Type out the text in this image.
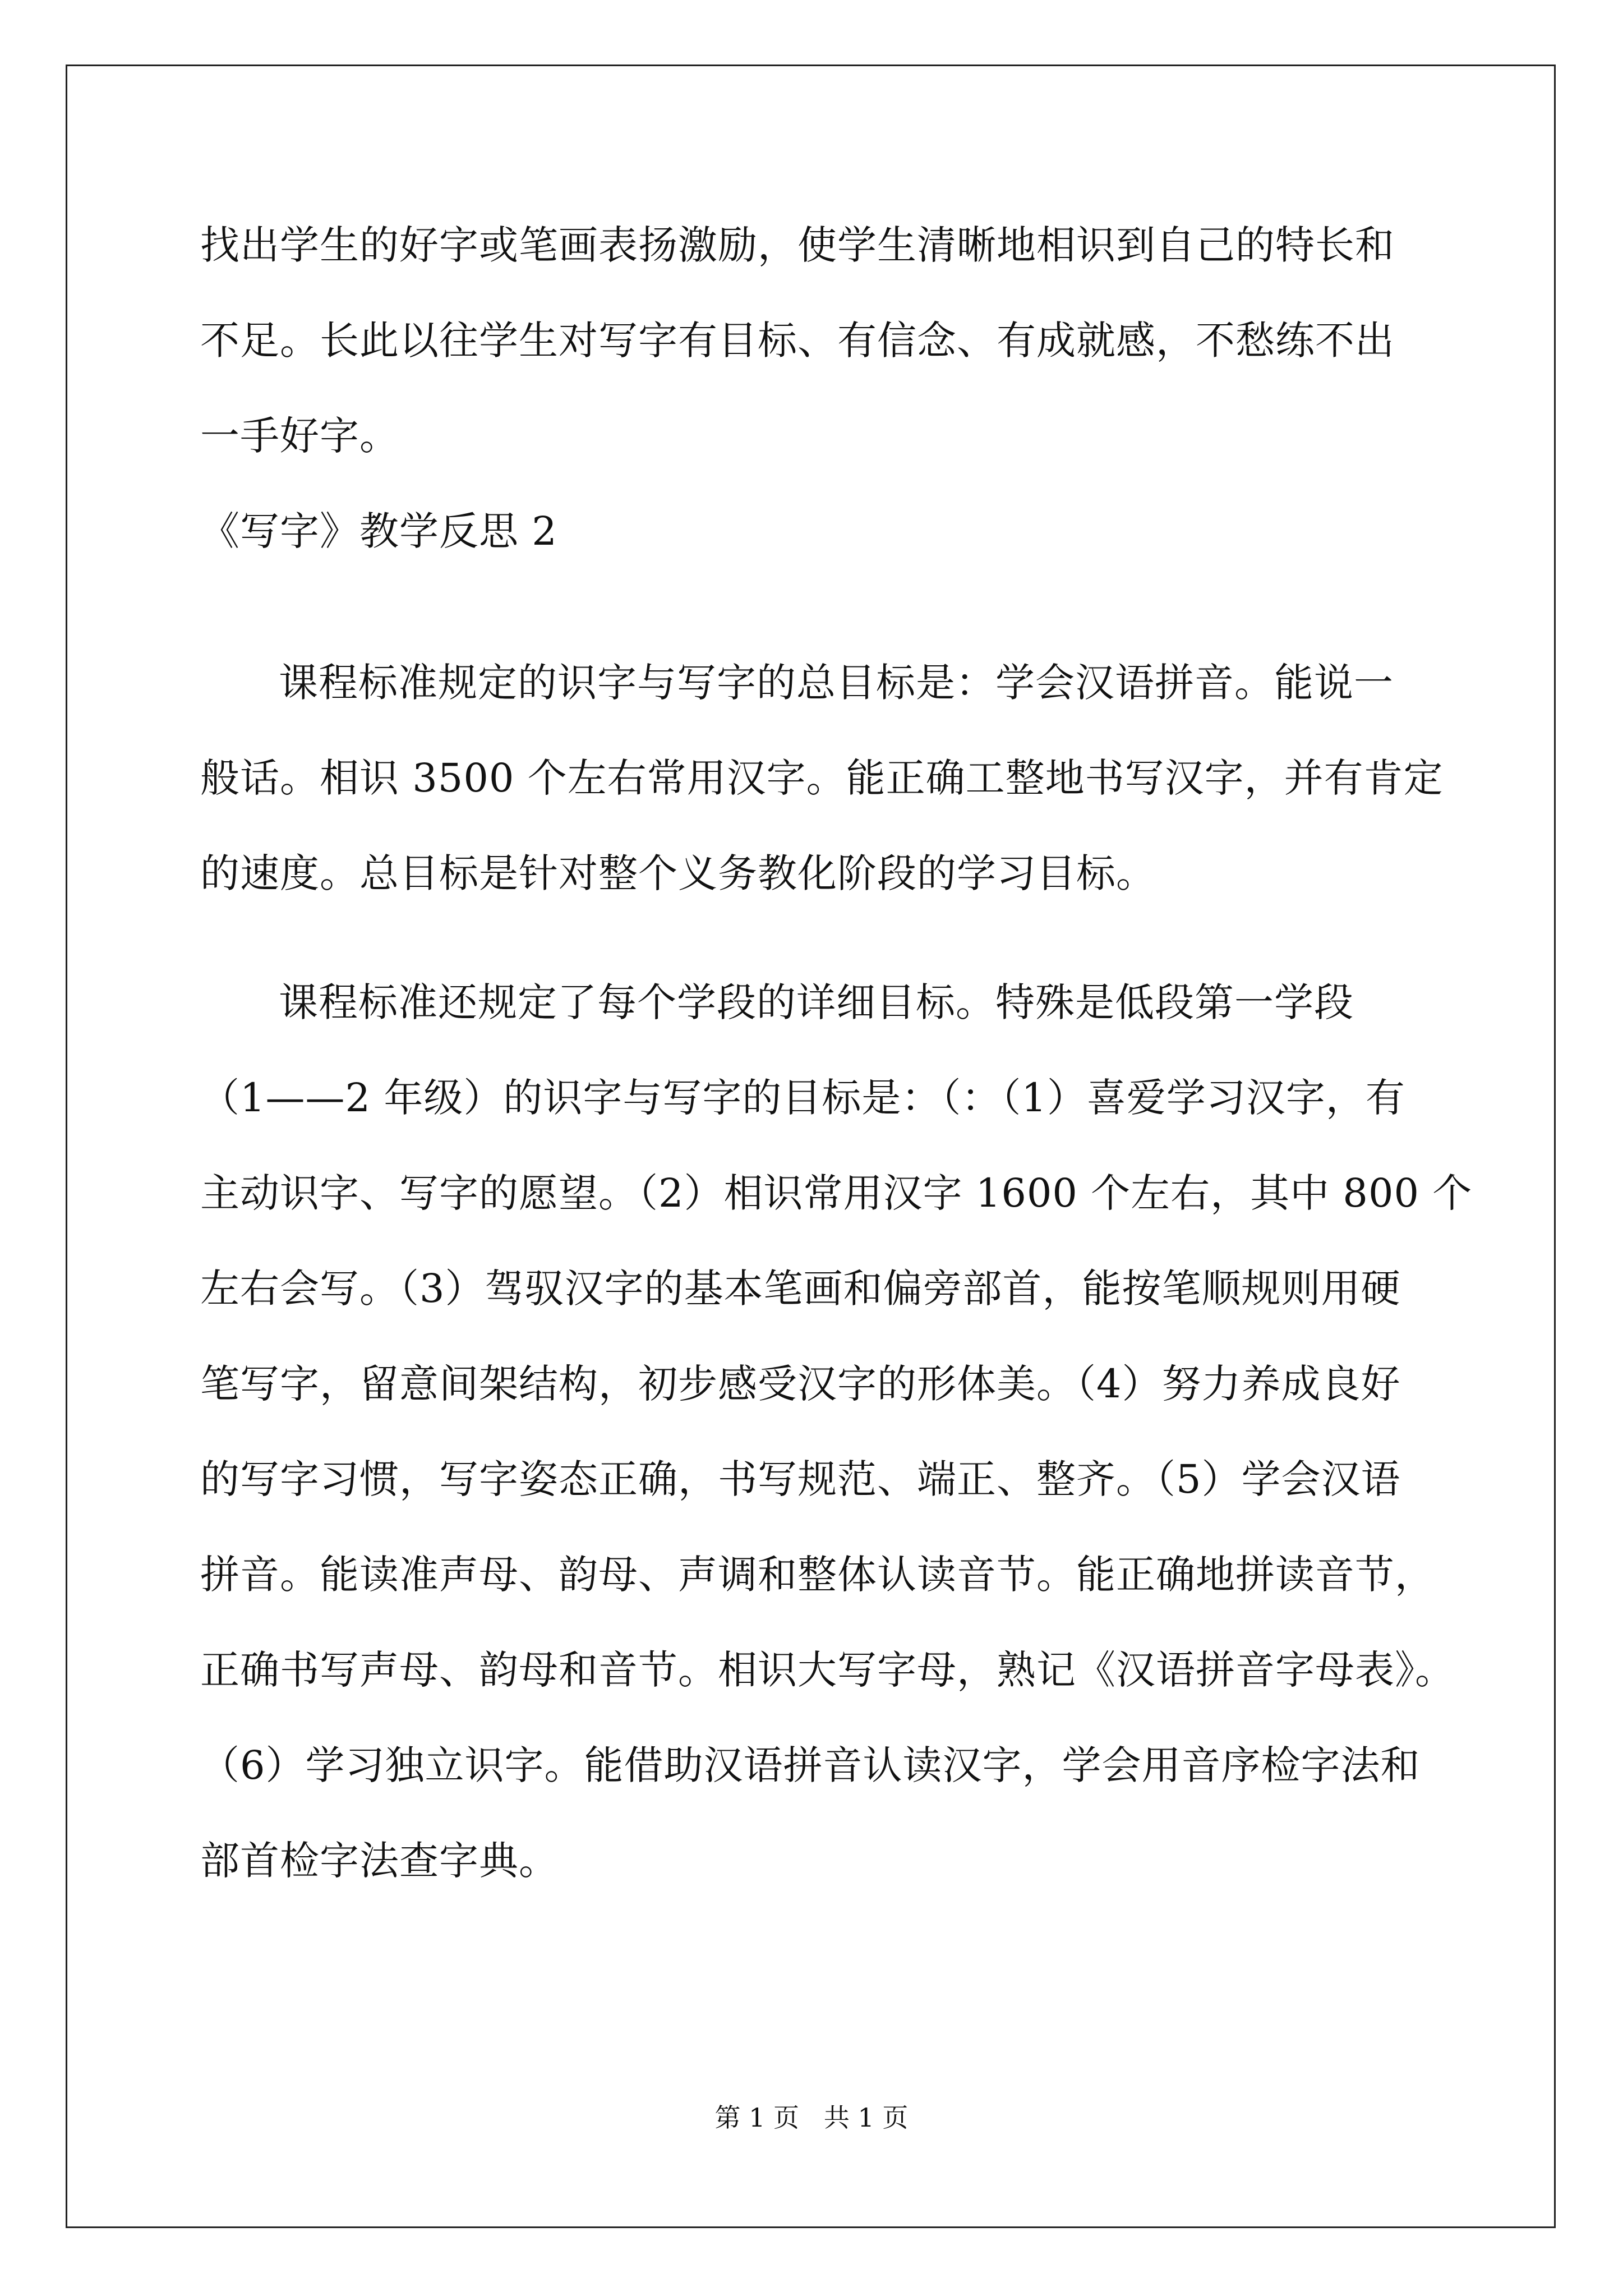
找出学生的好字或笔画表扬激励，使学生清晰地相识到自己的特长和
不足。长此以往学生对写字有目标、有信念、有成就感，不愁练不出
一手好字。
《写字》教学反思 2
课程标准规定的识字与写字的总目标是：学会汉语拼音。能说一
般话。相识 3500 个左右常用汉字。能正确工整地书写汉字，并有肯定
的速度。总目标是针对整个义务教化阶段的学习目标。
课程标准还规定了每个学段的详细目标。特殊是低段第一学段
（1——2 年级）的识字与写字的目标是：（：（1）喜爱学习汉字，有
主动识字、写字的愿望。（2）相识常用汉字 1600 个左右，其中 800 个
左右会写。（3）驾驭汉字的基本笔画和偏旁部首，能按笔顺规则用硬
笔写字，留意间架结构，初步感受汉字的形体美。（4）努力养成良好
的写字习惯，写字姿态正确，书写规范、端正、整齐。（5）学会汉语
拼音。能读准声母、韵母、声调和整体认读音节。能正确地拼读音节，
正确书写声母、韵母和音节。相识大写字母，熟记《汉语拼音字母表》。
（6）学习独立识字。能借助汉语拼音认读汉字，学会用音序检字法和
部首检字法查字典。
第 1 页   共 1 页
